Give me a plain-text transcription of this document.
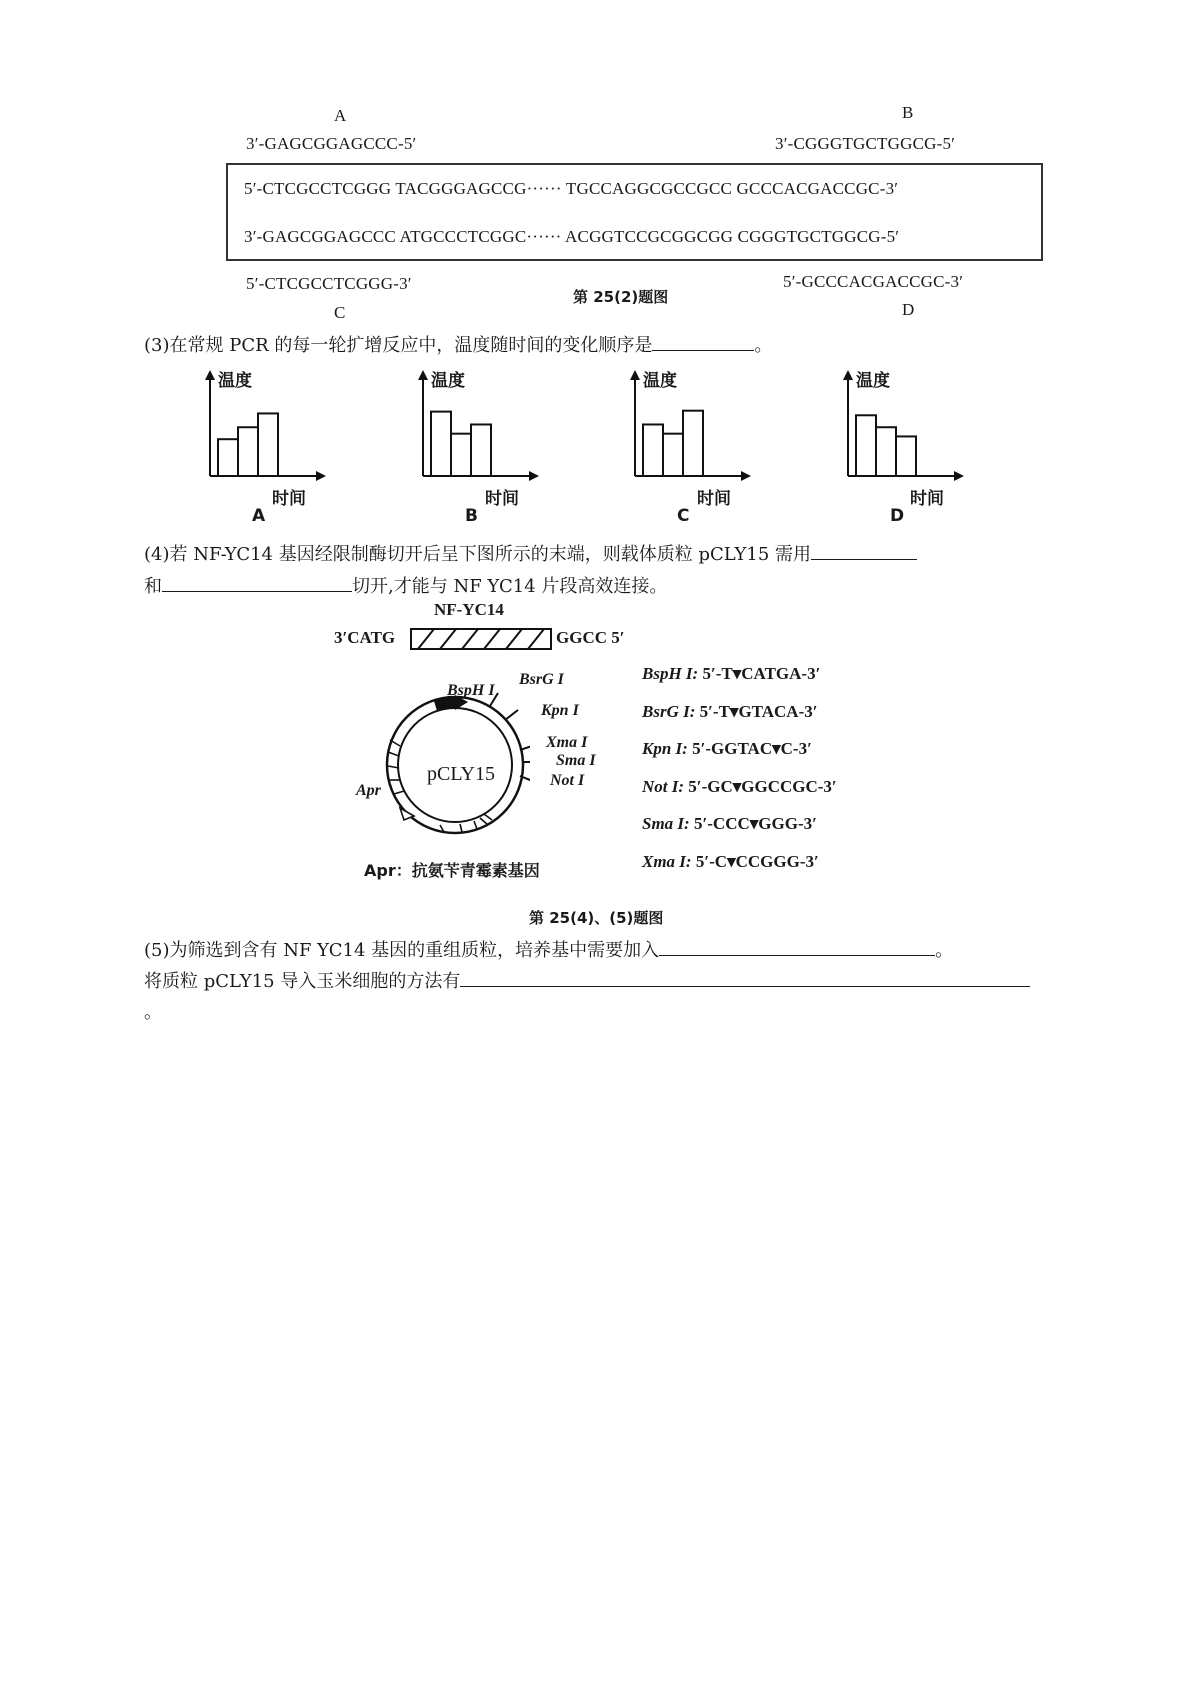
A	B
3′-GAGCGGAGCCC-5′	3′-CGGGTGCTGGCG-5′
5′-CTCGCCTCGGG TACGGGAGCCG······ TGCCAGGCGCCGCC GCCCACGACCGC-3′
3′-GAGCGGAGCCC ATGCCCTCGGC······ ACGGTCCGCGGCGG CGGGTGCTGGCG-5′
5′-CTCGCCTCGGG-3′
第 25(2)题图
5′-GCCCACGACCGC-3′
C	D
(3)在常规 PCR 的每一轮扩增反应中，温度随时间的变化顺序是	。
温度
时间
A
温度
时间
B
温度
时间
C
温度
时间
D
(4)若 NF-YC14 基因经限制酶切开后呈下图所示的末端，则载体质粒 pCLY15 需用
和	切开,才能与 NF YC14 片段高效连接。
NF-YC14
3′CATG	GGCC 5′
pCLY15
BspH I
BsrG I
Kpn I
Xma I
Sma I
Not I
Apr
Apr：抗氨苄青霉素基因
BspH I: 5′-T▾CATGA-3′
BsrG I: 5′-T▾GTACA-3′
Kpn I: 5′-GGTAC▾C-3′
Not I: 5′-GC▾GGCCGC-3′
Sma I: 5′-CCC▾GGG-3′
Xma I: 5′-C▾CCGGG-3′
第 25(4)、(5)题图
(5)为筛选到含有 NF YC14 基因的重组质粒，培养基中需要加入	。
将质粒 pCLY15 导入玉米细胞的方法有
。
